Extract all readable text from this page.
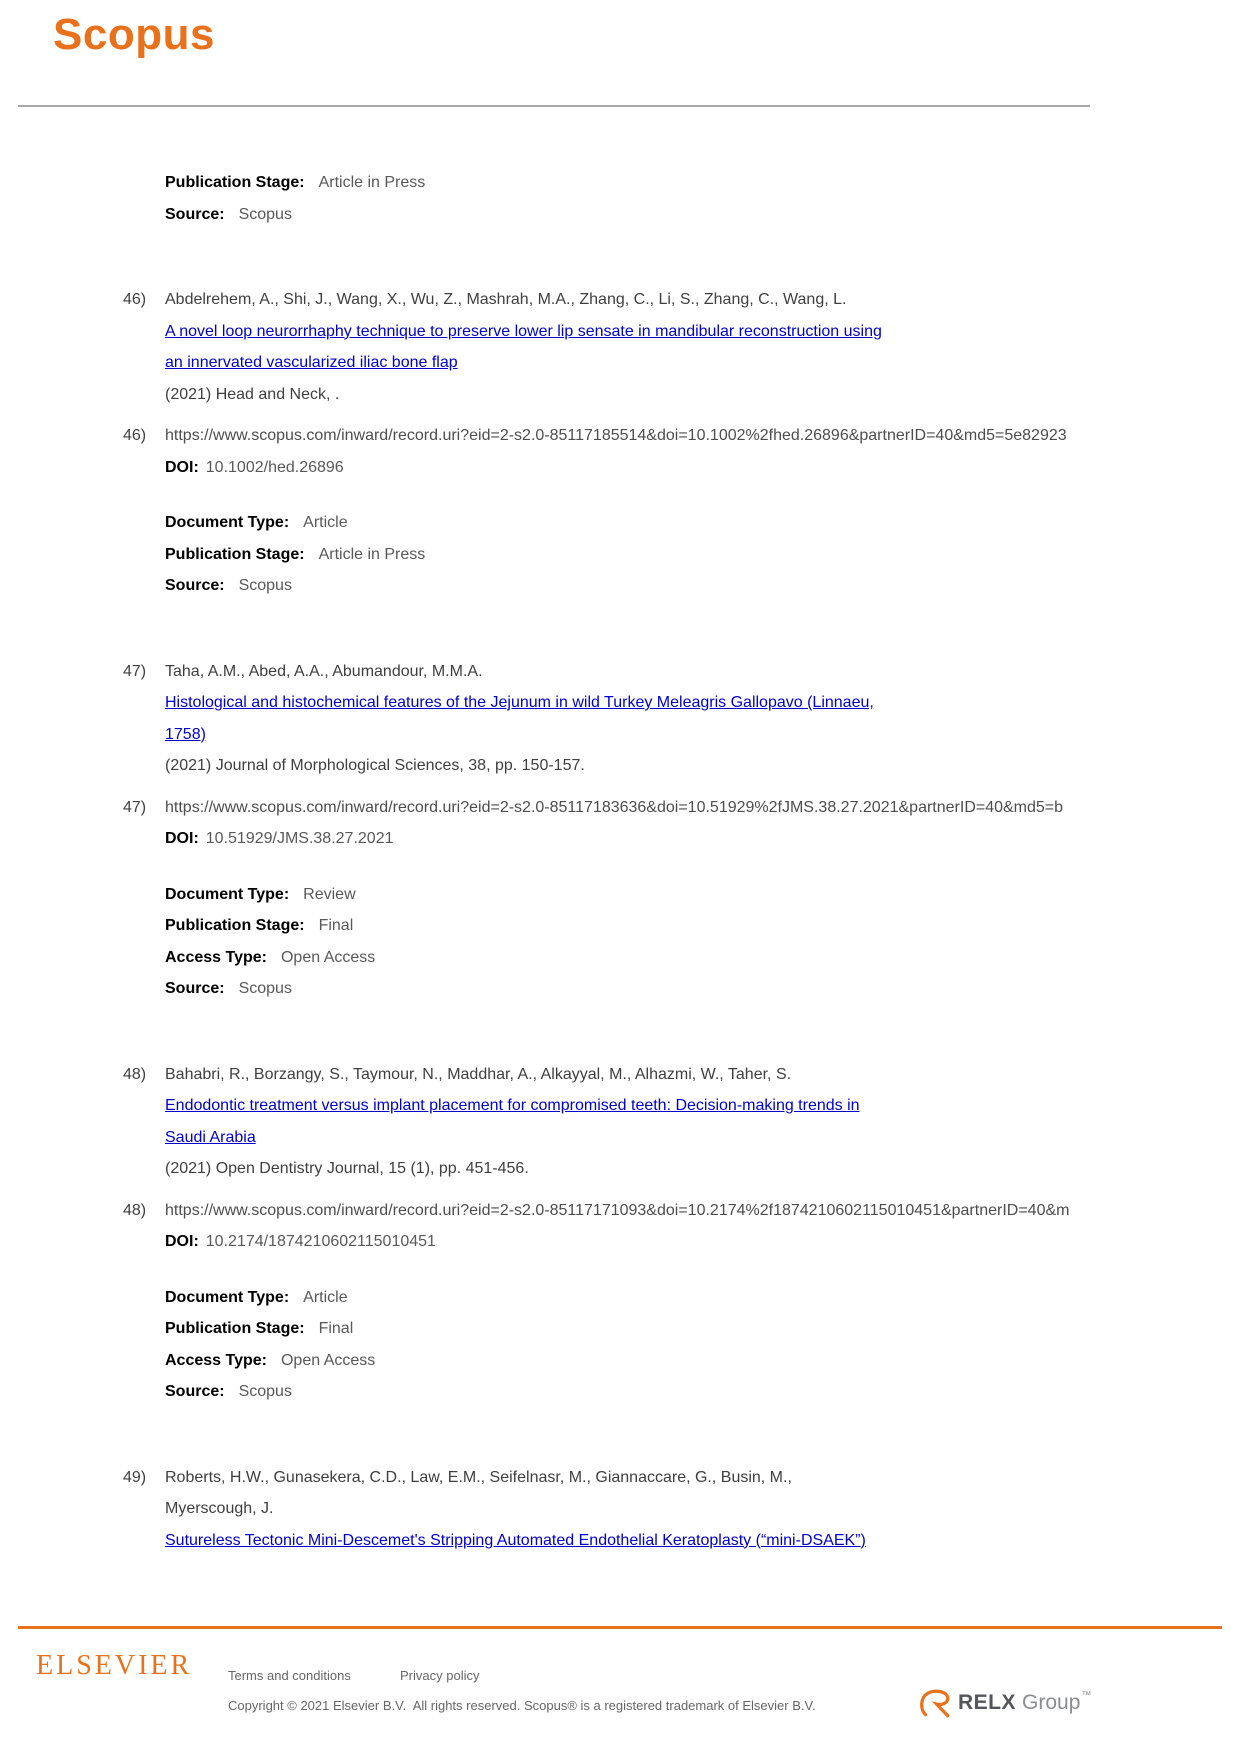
Scopus
Publication Stage: Article in Press
Source: Scopus
46) Abdelrehem, A., Shi, J., Wang, X., Wu, Z., Mashrah, M.A., Zhang, C., Li, S., Zhang, C., Wang, L.
A novel loop neurorrhaphy technique to preserve lower lip sensate in mandibular reconstruction using
an innervated vascularized iliac bone flap
(2021) Head and Neck, .
46) https://www.scopus.com/inward/record.uri?eid=2-s2.0-85117185514&doi=10.1002%2fhed.26896&partnerID=40&md5=5e82923
DOI: 10.1002/hed.26896
Document Type: Article
Publication Stage: Article in Press
Source: Scopus
47) Taha, A.M., Abed, A.A., Abumandour, M.M.A.
Histological and histochemical features of the Jejunum in wild Turkey Meleagris Gallopavo (Linnaeu,
1758)
(2021) Journal of Morphological Sciences, 38, pp. 150-157.
47) https://www.scopus.com/inward/record.uri?eid=2-s2.0-85117183636&doi=10.51929%2fJMS.38.27.2021&partnerID=40&md5=b
DOI: 10.51929/JMS.38.27.2021
Document Type: Review
Publication Stage: Final
Access Type: Open Access
Source: Scopus
48) Bahabri, R., Borzangy, S., Taymour, N., Maddhar, A., Alkayyal, M., Alhazmi, W., Taher, S.
Endodontic treatment versus implant placement for compromised teeth: Decision-making trends in
Saudi Arabia
(2021) Open Dentistry Journal, 15 (1), pp. 451-456.
48) https://www.scopus.com/inward/record.uri?eid=2-s2.0-85117171093&doi=10.2174%2f1874210602115010451&partnerID=40&m
DOI: 10.2174/1874210602115010451
Document Type: Article
Publication Stage: Final
Access Type: Open Access
Source: Scopus
49) Roberts, H.W., Gunasekera, C.D., Law, E.M., Seifelnasr, M., Giannaccare, G., Busin, M.,
Myerscough, J.
Sutureless Tectonic Mini-Descemet's Stripping Automated Endothelial Keratoplasty (“mini-DSAEK”)
ELSEVIER	Terms and conditions	Privacy policy
Copyright © 2021 Elsevier B.V.  All rights reserved. Scopus® is a registered trademark of Elsevier B.V.	RELX Group ™
